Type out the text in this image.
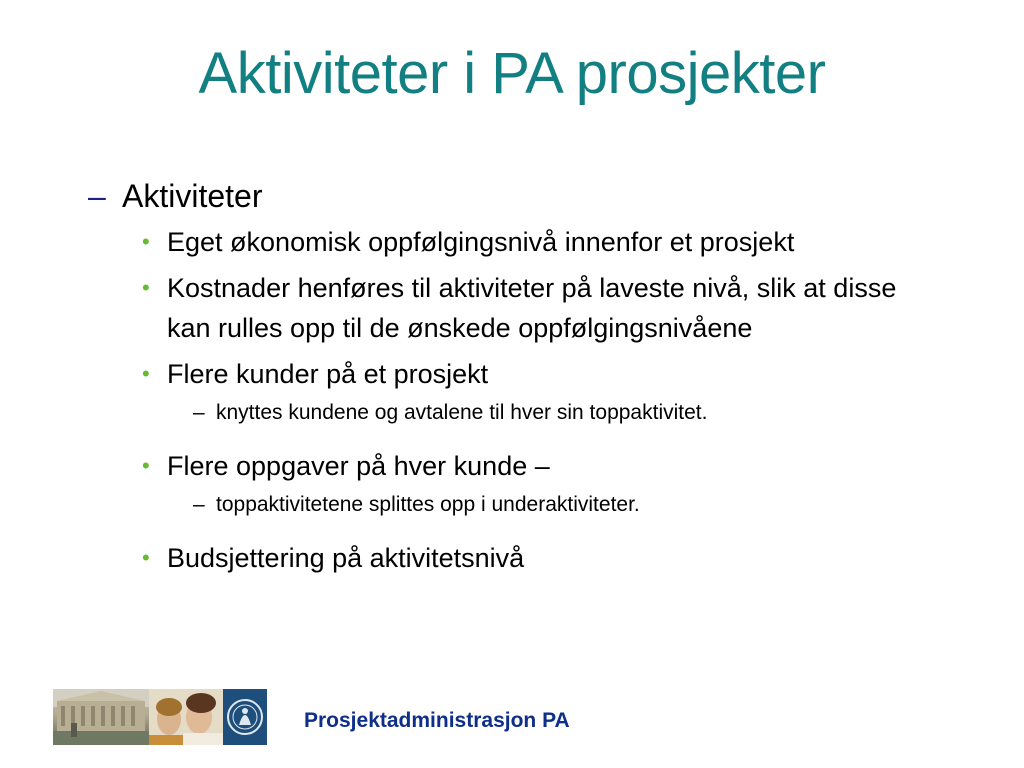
Aktiviteter i PA prosjekter
– Aktiviteter
• Eget økonomisk oppfølgingsnivå innenfor et prosjekt
• Kostnader henføres til aktiviteter på laveste nivå, slik at disse kan rulles opp til de ønskede oppfølgingsnivåene
• Flere kunder på et prosjekt
– knyttes kundene og avtalene til hver sin toppaktivitet.
• Flere oppgaver på hver kunde –
– toppaktivitetene splittes opp i underaktiviteter.
• Budsjettering på aktivitetsnivå
Prosjektadministrasjon PA
